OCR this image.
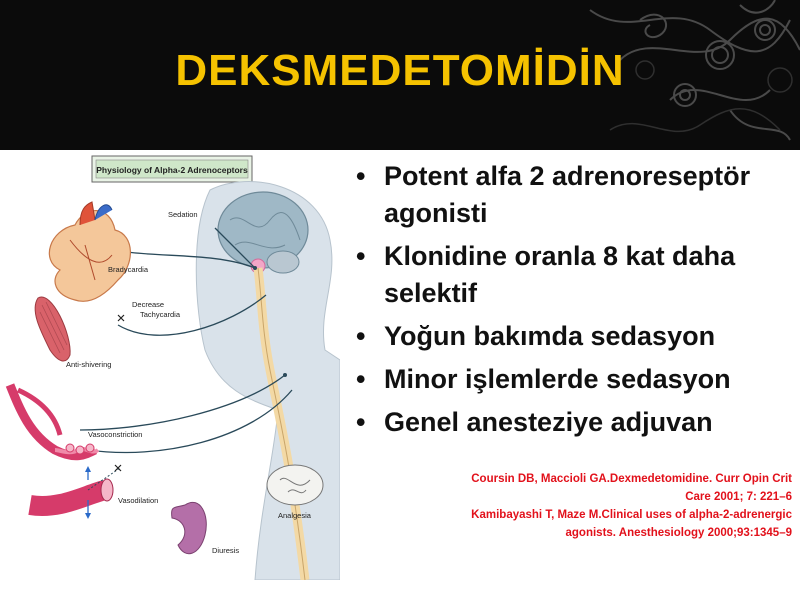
DEKSMEDETOMİDİN
Physiology of Alpha-2 Adrenoceptors
Sedation
Bradycardia
Decrease
Tachycardia
Anti-shivering
Vasoconstriction
Vasodilation
Analgesia
Diuresis
• Potent alfa 2 adrenoreseptör agonisti
• Klonidine oranla 8 kat daha selektif
• Yoğun bakımda sedasyon
• Minor işlemlerde sedasyon
• Genel anesteziye adjuvan
Coursin DB, Maccioli GA.Dexmedetomidine. Curr Opin Crit
Care 2001; 7: 221–6
Kamibayashi T, Maze M.Clinical uses of alpha-2-adrenergic
agonists. Anesthesiology 2000;93:1345–9
